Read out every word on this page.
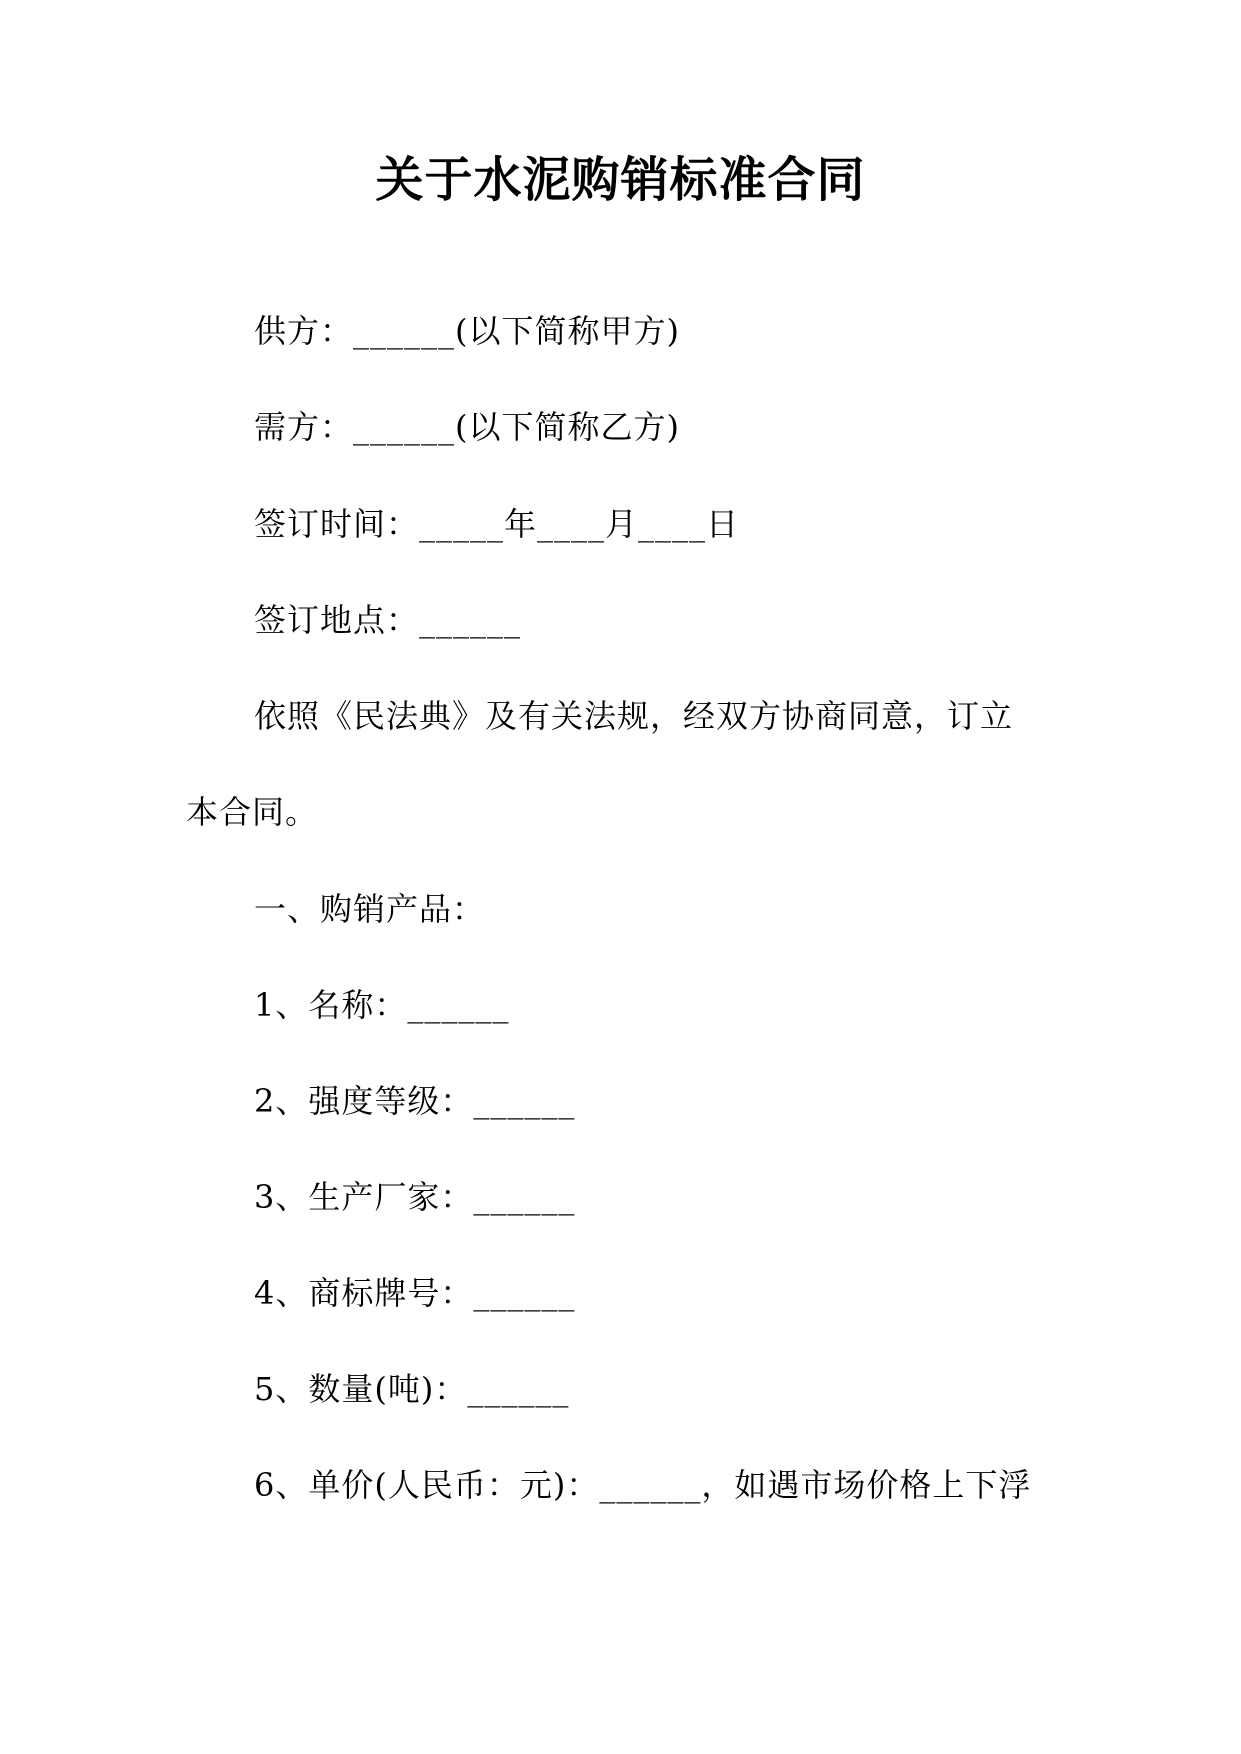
关于水泥购销标准合同
供方：______(以下简称甲方)
需方：______(以下简称乙方)
签订时间：_____年____月____日
签订地点：______
依照《民法典》及有关法规，经双方协商同意，订立
本合同。
一、购销产品：
1、名称：______
2、强度等级：______
3、生产厂家：______
4、商标牌号：______
5、数量(吨)：______
6、单价(人民币：元)：______，如遇市场价格上下浮
